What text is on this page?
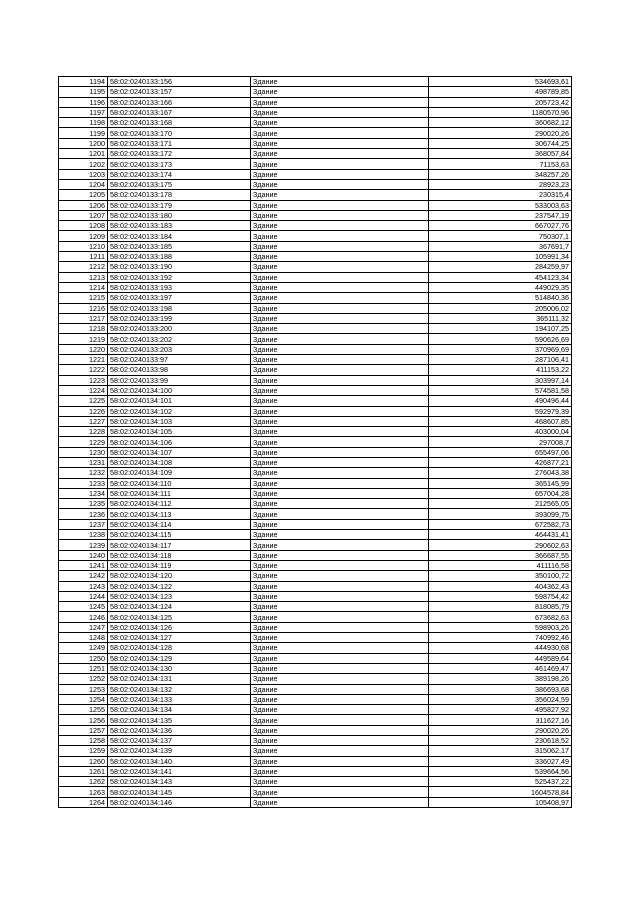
1194	58:02:0240133:156	Здание	534693,61
1195	58:02:0240133:157	Здание	498789,85
1196	58:02:0240133:166	Здание	205723,42
1197	58:02:0240133:167	Здание	1180570,96
1198	58:02:0240133:168	Здание	360682,12
1199	58:02:0240133:170	Здание	290020,26
1200	58:02:0240133:171	Здание	306744,25
1201	58:02:0240133:172	Здание	368057,84
1202	58:02:0240133:173	Здание	71153,63
1203	58:02:0240133:174	Здание	348257,26
1204	58:02:0240133:175	Здание	28923,23
1205	58:02:0240133:178	Здание	230315,4
1206	58:02:0240133:179	Здание	533003,63
1207	58:02:0240133:180	Здание	237547,19
1208	58:02:0240133:183	Здание	667027,76
1209	58:02:0240133:184	Здание	750307,1
1210	58:02:0240133:185	Здание	367691,7
1211	58:02:0240133:188	Здание	105991,34
1212	58:02:0240133:190	Здание	284259,97
1213	58:02:0240133:192	Здание	454123,34
1214	58:02:0240133:193	Здание	449029,35
1215	58:02:0240133:197	Здание	514840,36
1216	58:02:0240133:198	Здание	205006,02
1217	58:02:0240133:199	Здание	365111,32
1218	58:02:0240133:200	Здание	194107,25
1219	58:02:0240133:202	Здание	590626,69
1220	58:02:0240133:203	Здание	370969,69
1221	58:02:0240133:97	Здание	287106,41
1222	58:02:0240133:98	Здание	411153,22
1223	58:02:0240133:99	Здание	303997,14
1224	58:02:0240134:100	Здание	574581,58
1225	58:02:0240134:101	Здание	490496,44
1226	58:02:0240134:102	Здание	592979,39
1227	58:02:0240134:103	Здание	468607,85
1228	58:02:0240134:105	Здание	403000,04
1229	58:02:0240134:106	Здание	297008,7
1230	58:02:0240134:107	Здание	655497,06
1231	58:02:0240134:108	Здание	426877,21
1232	58:02:0240134:109	Здание	276043,38
1233	58:02:0240134:110	Здание	365145,99
1234	58:02:0240134:111	Здание	657004,28
1235	58:02:0240134:112	Здание	212565,05
1236	58:02:0240134:113	Здание	393099,75
1237	58:02:0240134:114	Здание	672582,73
1238	58:02:0240134:115	Здание	464431,41
1239	58:02:0240134:117	Здание	290602,63
1240	58:02:0240134:118	Здание	366687,55
1241	58:02:0240134:119	Здание	411116,58
1242	58:02:0240134:120	Здание	350100,72
1243	58:02:0240134:122	Здание	404362,43
1244	58:02:0240134:123	Здание	598754,42
1245	58:02:0240134:124	Здание	818085,79
1246	58:02:0240134:125	Здание	673682,63
1247	58:02:0240134:126	Здание	598903,26
1248	58:02:0240134:127	Здание	740992,46
1249	58:02:0240134:128	Здание	444930,68
1250	58:02:0240134:129	Здание	449589,64
1251	58:02:0240134:130	Здание	461469,47
1252	58:02:0240134:131	Здание	389198,26
1253	58:02:0240134:132	Здание	386693,68
1254	58:02:0240134:133	Здание	356024,59
1255	58:02:0240134:134	Здание	495827,92
1256	58:02:0240134:135	Здание	311627,16
1257	58:02:0240134:136	Здание	290020,26
1258	58:02:0240134:137	Здание	230618,52
1259	58:02:0240134:139	Здание	315062,17
1260	58:02:0240134:140	Здание	336027,49
1261	58:02:0240134:141	Здание	539664,56
1262	58:02:0240134:143	Здание	525437,22
1263	58:02:0240134:145	Здание	1604578,84
1264	58:02:0240134:146	Здание	105408,97
